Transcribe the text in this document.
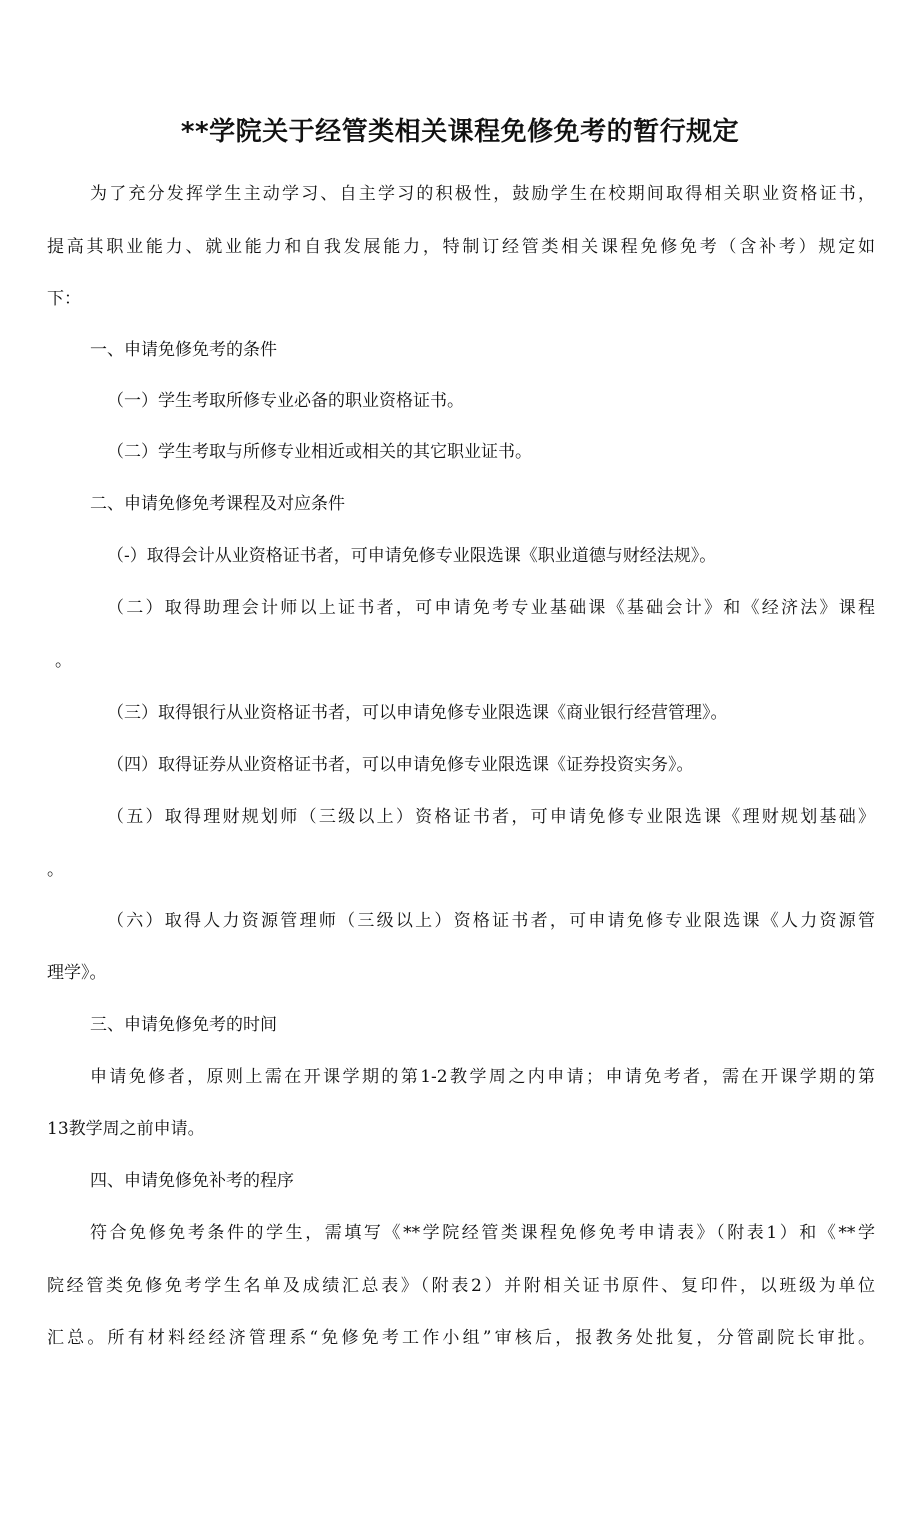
**学院关于经管类相关课程免修免考的暂行规定

为了充分发挥学生主动学习、自主学习的积极性，鼓励学生在校期间取得相关职业资格证书，

提高其职业能力、就业能力和自我发展能力，特制订经管类相关课程免修免考（含补考）规定如

下：

一、申请免修免考的条件

（一）学生考取所修专业必备的职业资格证书。

（二）学生考取与所修专业相近或相关的其它职业证书。

二、申请免修免考课程及对应条件

（-）取得会计从业资格证书者，可申请免修专业限选课《职业道德与财经法规》。

（二）取得助理会计师以上证书者，可申请免考专业基础课《基础会计》和《经济法》课程

。

（三）取得银行从业资格证书者，可以申请免修专业限选课《商业银行经营管理》。

（四）取得证券从业资格证书者，可以申请免修专业限选课《证券投资实务》。

（五）取得理财规划师（三级以上）资格证书者，可申请免修专业限选课《理财规划基础》

。

（六）取得人力资源管理师（三级以上）资格证书者，可申请免修专业限选课《人力资源管

理学》。

三、申请免修免考的时间

申请免修者，原则上需在开课学期的第1-2教学周之内申请；申请免考者，需在开课学期的第

13教学周之前申请。

四、申请免修免补考的程序

符合免修免考条件的学生，需填写《**学院经管类课程免修免考申请表》（附表1）和《**学

院经管类免修免考学生名单及成绩汇总表》（附表2）并附相关证书原件、复印件，以班级为单位

汇总。所有材料经经济管理系“免修免考工作小组”审核后，报教务处批复，分管副院长审批。
